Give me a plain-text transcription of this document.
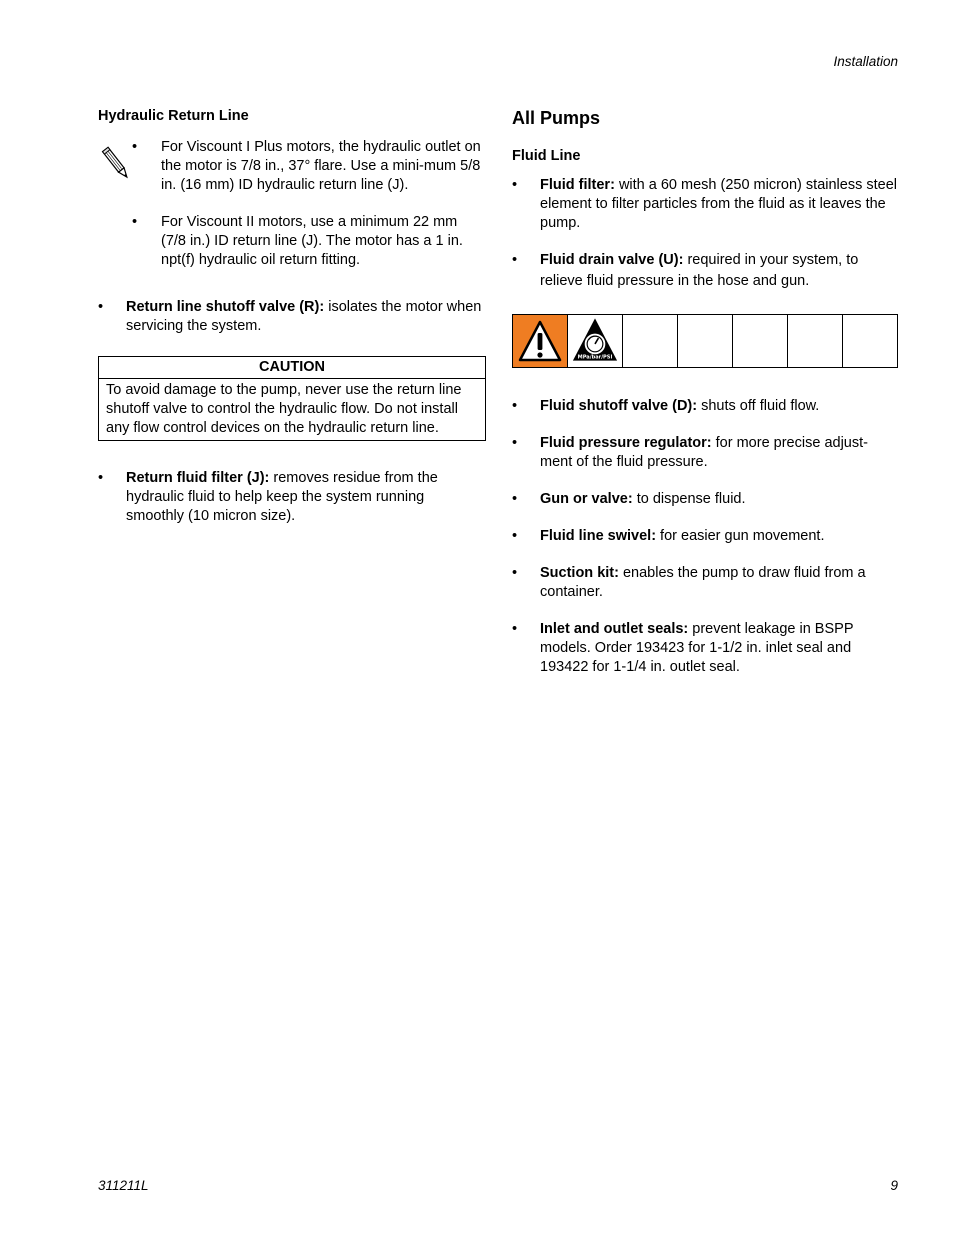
Installation

Hydraulic Return Line

• For Viscount I Plus motors, the hydraulic outlet on the motor is 7/8 in., 37° flare. Use a mini-mum 5/8 in. (16 mm) ID hydraulic return line (J).
• For Viscount II motors, use a minimum 22 mm (7/8 in.) ID return line (J). The motor has a 1 in. npt(f) hydraulic oil return fitting.
• Return line shutoff valve (R): isolates the motor when servicing the system.
CAUTION
To avoid damage to the pump, never use the return line shutoff valve to control the hydraulic flow. Do not install any flow control devices on the hydraulic return line.
• Return fluid filter (J): removes residue from the hydraulic fluid to help keep the system running smoothly (10 micron size).

All Pumps

Fluid Line

• Fluid filter: with a 60 mesh (250 micron) stainless steel element to filter particles from the fluid as it leaves the pump.
• Fluid drain valve (U): required in your system, to relieve fluid pressure in the hose and gun.
MPa/bar/PSI
• Fluid shutoff valve (D): shuts off fluid flow.
• Fluid pressure regulator: for more precise adjust-ment of the fluid pressure.
• Gun or valve: to dispense fluid.
• Fluid line swivel: for easier gun movement.
• Suction kit: enables the pump to draw fluid from a container.
• Inlet and outlet seals: prevent leakage in BSPP models. Order 193423 for 1-1/2 in. inlet seal and 193422 for 1-1/4 in. outlet seal.
311211L	9
